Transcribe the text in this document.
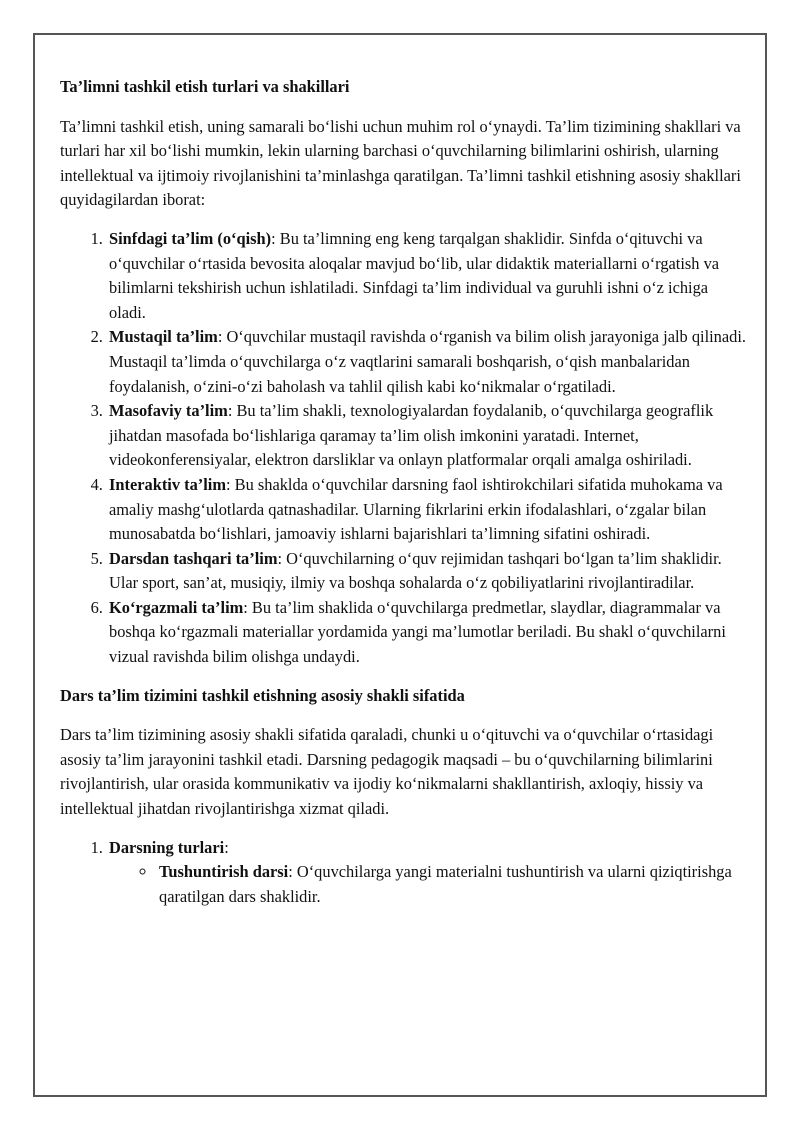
Ta’limni tashkil etish turlari va shakillari

Ta’limni tashkil etish, uning samarali bo‘lishi uchun muhim rol o‘ynaydi. Ta’lim tizimining shakllari va turlari har xil bo‘lishi mumkin, lekin ularning barchasi o‘quvchilarning bilimlarini oshirish, ularning intellektual va ijtimoiy rivojlanishini ta’minlashga qaratilgan. Ta’limni tashkil etishning asosiy shakllari quyidagilardan iborat:

1. Sinfdagi ta’lim (o‘qish): Bu ta’limning eng keng tarqalgan shaklidir. Sinfda o‘qituvchi va o‘quvchilar o‘rtasida bevosita aloqalar mavjud bo‘lib, ular didaktik materiallarni o‘rgatish va bilimlarni tekshirish uchun ishlatiladi. Sinfdagi ta’lim individual va guruhli ishni o‘z ichiga oladi.
2. Mustaqil ta’lim: O‘quvchilar mustaqil ravishda o‘rganish va bilim olish jarayoniga jalb qilinadi. Mustaqil ta’limda o‘quvchilarga o‘z vaqtlarini samarali boshqarish, o‘qish manbalaridan foydalanish, o‘zini-o‘zi baholash va tahlil qilish kabi ko‘nikmalar o‘rgatiladi.
3. Masofaviy ta’lim: Bu ta’lim shakli, texnologiyalardan foydalanib, o‘quvchilarga geograflik jihatdan masofada bo‘lishlariga qaramay ta’lim olish imkonini yaratadi. Internet, videokonferensiyalar, elektron darsliklar va onlayn platformalar orqali amalga oshiriladi.
4. Interaktiv ta’lim: Bu shaklda o‘quvchilar darsning faol ishtirokchilari sifatida muhokama va amaliy mashg‘ulotlarda qatnashadilar. Ularning fikrlarini erkin ifodalashlari, o‘zgalar bilan munosabatda bo‘lishlari, jamoaviy ishlarni bajarishlari ta’limning sifatini oshiradi.
5. Darsdan tashqari ta’lim: O‘quvchilarning o‘quv rejimidan tashqari bo‘lgan ta’lim shaklidir. Ular sport, san’at, musiqiy, ilmiy va boshqa sohalarda o‘z qobiliyatlarini rivojlantiradilar.
6. Ko‘rgazmali ta’lim: Bu ta’lim shaklida o‘quvchilarga predmetlar, slaydlar, diagrammalar va boshqa ko‘rgazmali materiallar yordamida yangi ma’lumotlar beriladi. Bu shakl o‘quvchilarni vizual ravishda bilim olishga undaydi.
Dars ta’lim tizimini tashkil etishning asosiy shakli sifatida

Dars ta’lim tizimining asosiy shakli sifatida qaraladi, chunki u o‘qituvchi va o‘quvchilar o‘rtasidagi asosiy ta’lim jarayonini tashkil etadi. Darsning pedagogik maqsadi – bu o‘quvchilarning bilimlarini rivojlantirish, ular orasida kommunikativ va ijodiy ko‘nikmalarni shakllantirish, axloqiy, hissiy va intellektual jihatdan rivojlantirishga xizmat qiladi.

1. Darsning turlari:
◦ Tushuntirish darsi: O‘quvchilarga yangi materialni tushuntirish va ularni qiziqtirishga qaratilgan dars shaklidir.
